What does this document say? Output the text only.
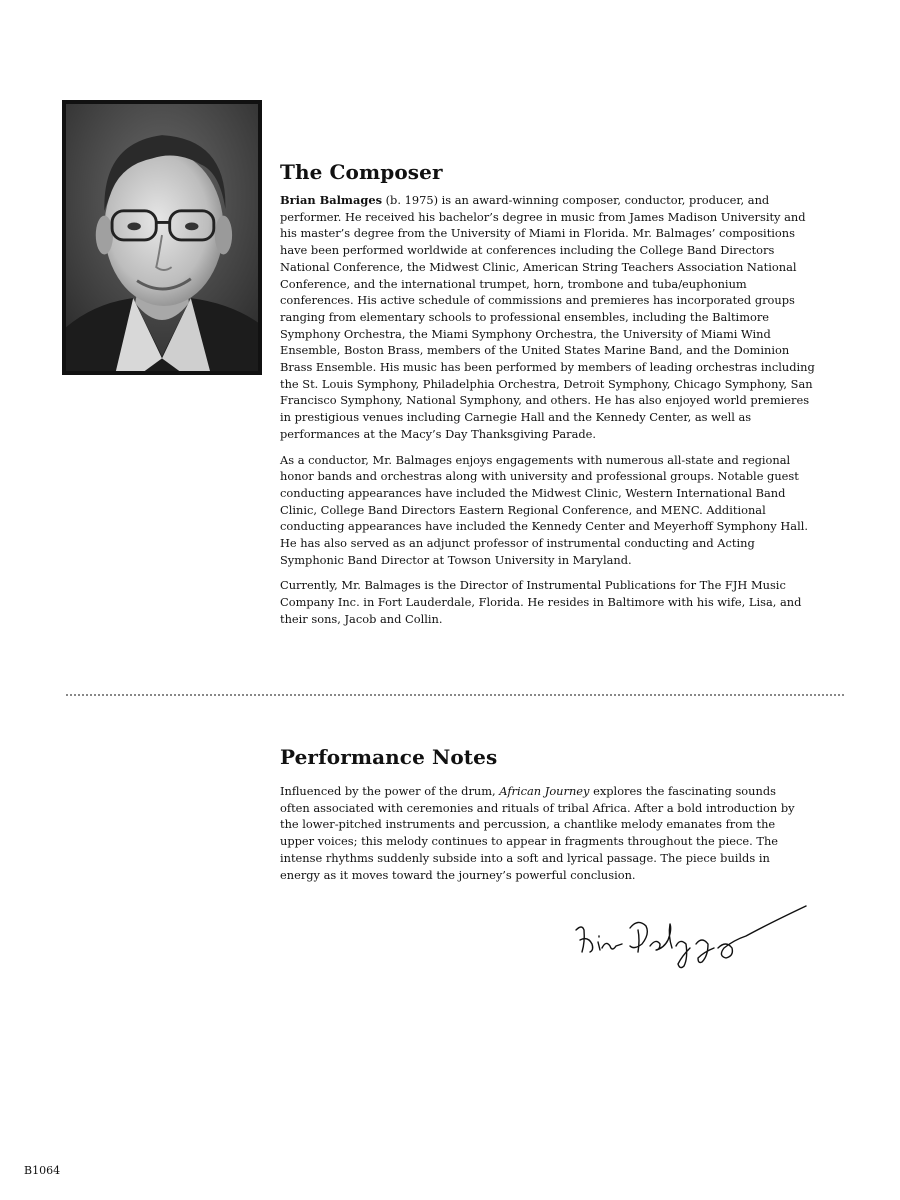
The Composer

Brian Balmages (b. 1975) is an award-winning composer, conductor, producer, and performer. He received his bachelor’s degree in music from James Madison University and his master’s degree from the University of Miami in Florida. Mr. Balmages’ compositions have been performed worldwide at conferences including the College Band Directors National Conference, the Midwest Clinic, American String Teachers Association National Conference, and the international trumpet, horn, trombone and tuba/euphonium conferences. His active schedule of commissions and premieres has incorporated groups ranging from elementary schools to professional ensembles, including the Baltimore Symphony Orchestra, the Miami Symphony Orchestra, the University of Miami Wind Ensemble, Boston Brass, members of the United States Marine Band, and the Dominion Brass Ensemble. His music has been performed by members of leading orchestras including the St. Louis Symphony, Philadelphia Orchestra, Detroit Symphony, Chicago Symphony, San Francisco Symphony, National Symphony, and others. He has also enjoyed world premieres in prestigious venues including Carnegie Hall and the Kennedy Center, as well as performances at the Macy’s Day Thanksgiving Parade.

As a conductor, Mr. Balmages enjoys engagements with numerous all-state and regional honor bands and orchestras along with university and professional groups. Notable guest conducting appearances have included the Midwest Clinic, Western International Band Clinic, College Band Directors Eastern Regional Conference, and MENC. Additional conducting appearances have included the Kennedy Center and Meyerhoff Symphony Hall. He has also served as an adjunct professor of instrumental conducting and Acting Symphonic Band Director at Towson University in Maryland.

Currently, Mr. Balmages is the Director of Instrumental Publications for The FJH Music Company Inc. in Fort Lauderdale, Florida. He resides in Baltimore with his wife, Lisa, and their sons, Jacob and Collin.

Performance Notes

Influenced by the power of the drum, African Journey explores the fascinating sounds often associated with ceremonies and rituals of tribal Africa. After a bold introduction by the lower-pitched instruments and percussion, a chantlike melody emanates from the upper voices; this melody continues to appear in fragments throughout the piece. The intense rhythms suddenly subside into a soft and lyrical passage. The piece builds in energy as it moves toward the journey’s powerful conclusion.

B1064
